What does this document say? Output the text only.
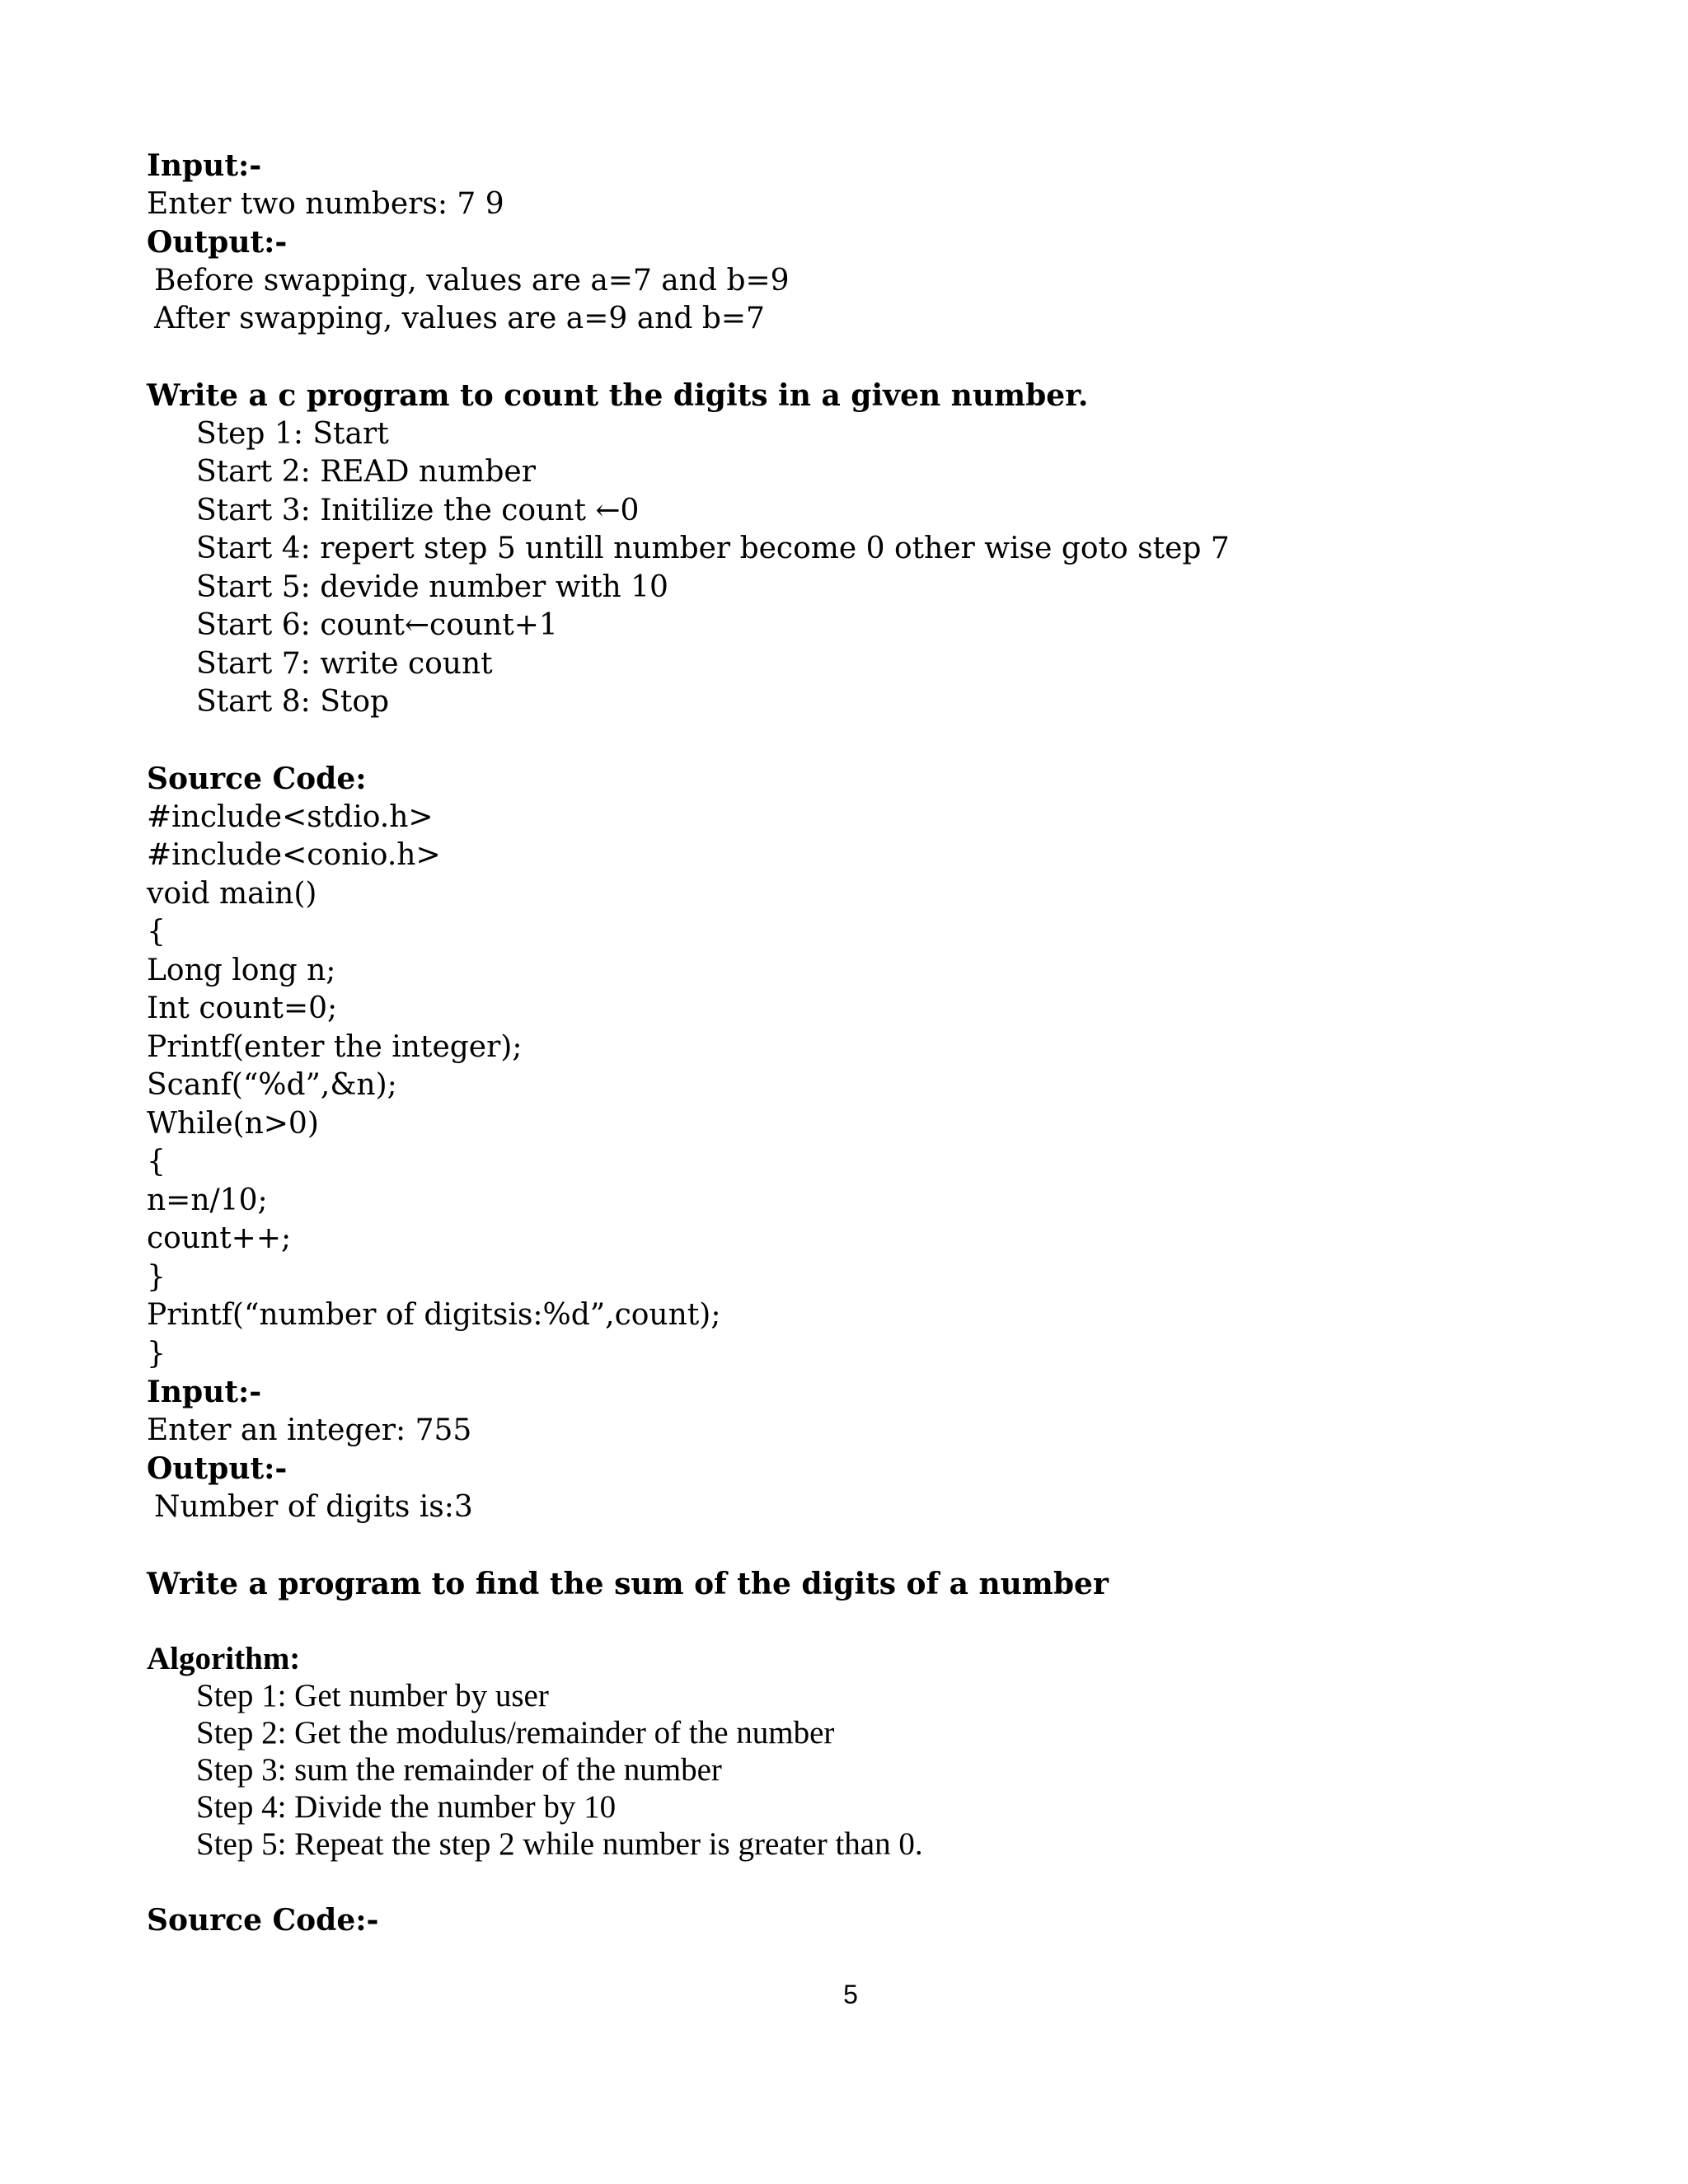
Input:-
Enter two numbers: 7 9
Output:-
Before swapping, values are a=7 and b=9
After swapping, values are a=9 and b=7
Write a c program to count the digits in a given number.
Step 1: Start
Start 2: READ number
Start 3: Initilize the count ←0
Start 4: repert step 5 untill number become 0 other wise goto step 7
Start 5: devide number with 10
Start 6: count←count+1
Start 7: write count
Start 8: Stop
Source Code:
#include<stdio.h>
#include<conio.h>
void main()
{
Long long n;
Int count=0;
Printf(enter the integer);
Scanf(“%d”,&n);
While(n>0)
{
n=n/10;
count++;
}
Printf(“number of digitsis:%d”,count);
}
Input:-
Enter an integer: 755
Output:-
Number of digits is:3
Write a program to find the sum of the digits of a number
Algorithm:
Step 1: Get number by user
Step 2: Get the modulus/remainder of the number
Step 3: sum the remainder of the number
Step 4: Divide the number by 10
Step 5: Repeat the step 2 while number is greater than 0.
Source Code:-
5
